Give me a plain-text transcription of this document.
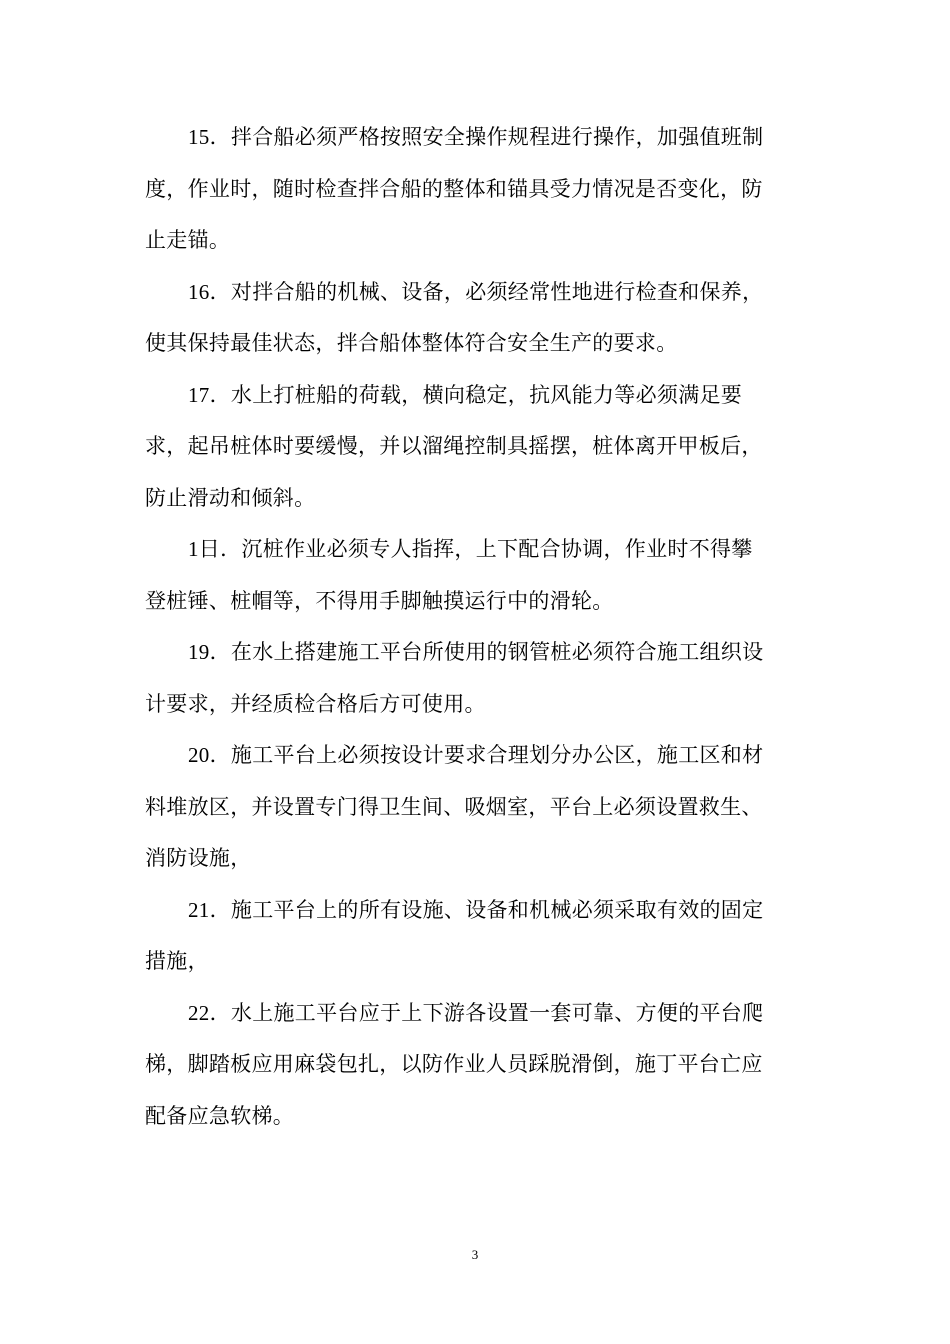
15．拌合船必须严格按照安全操作规程进行操作，加强值班制
度，作业时，随时检查拌合船的整体和锚具受力情况是否变化，防
止走锚。
16．对拌合船的机械、设备，必须经常性地进行检查和保养，
使其保持最佳状态，拌合船体整体符合安全生产的要求。
17．水上打桩船的荷载，横向稳定，抗风能力等必须满足要
求，起吊桩体时要缓慢，并以溜绳控制具摇摆，桩体离开甲板后，
防止滑动和倾斜。
1日．沉桩作业必须专人指挥，上下配合协调，作业时不得攀
登桩锤、桩帽等，不得用手脚触摸运行中的滑轮。
19．在水上搭建施工平台所使用的钢管桩必须符合施工组织设
计要求，并经质检合格后方可使用。
20．施工平台上必须按设计要求合理划分办公区，施工区和材
料堆放区，并设置专门得卫生间、吸烟室，平台上必须设置救生、
消防设施，
21．施工平台上的所有设施、设备和机械必须采取有效的固定
措施，
22．水上施工平台应于上下游各设置一套可靠、方便的平台爬
梯，脚踏板应用麻袋包扎，以防作业人员踩脱滑倒，施丁平台亡应
配备应急软梯。
3
